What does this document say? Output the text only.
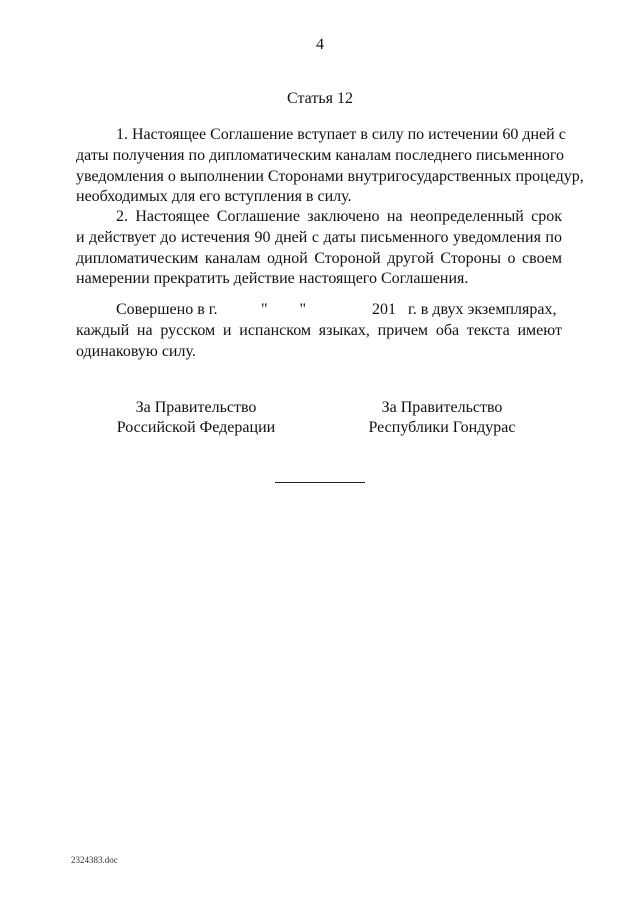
4
Статья 12
1. Настоящее Соглашение вступает в силу по истечении 60 дней с
даты получения по дипломатическим каналам последнего письменного
уведомления о выполнении Сторонами внутригосударственных процедур,
необходимых для его вступления в силу.
2. Настоящее Соглашение заключено на неопределенный срок
и действует до истечения 90 дней с даты письменного уведомления по
дипломатическим каналам одной Стороной другой Стороны о своем
намерении прекратить действие настоящего Соглашения.
Совершено в г.	"        "	201   г. в двух экземплярах,
каждый на русском и испанском языках, причем оба текста имеют
одинаковую силу.
За Правительство
Российской Федерации
За Правительство
Республики Гондурас
2324383.doc
